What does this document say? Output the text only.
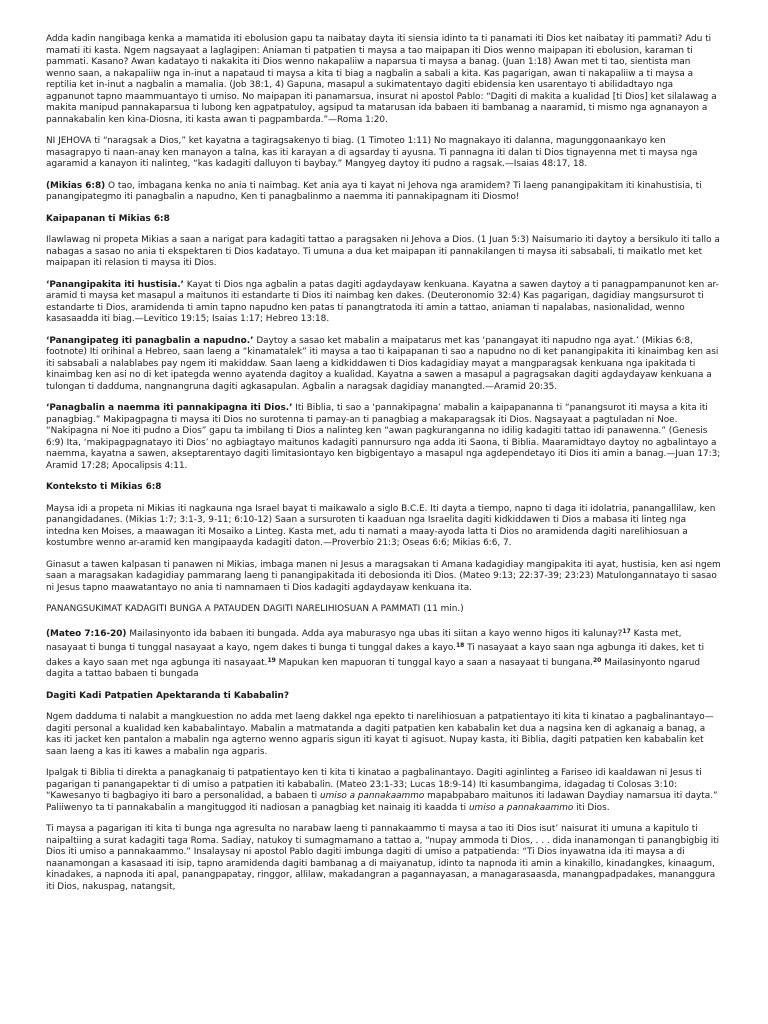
Adda kadin nangibaga kenka a mamatida iti ebolusion gapu ta naibatay dayta iti siensia idinto ta ti panamati iti Dios ket naibatay iti pammati? Adu ti mamati iti kasta. Ngem nagsayaat a laglagipen: Aniaman ti patpatien ti maysa a tao maipapan iti Dios wenno maipapan iti ebolusion, karaman ti pammati. Kasano? Awan kadatayo ti nakakita iti Dios wenno nakapaliiw a naparsua ti maysa a banag. (Juan 1:18) Awan met ti tao, sientista man wenno saan, a nakapaliiw nga in-inut a napataud ti maysa a kita ti biag a nagbalin a sabali a kita. Kas pagarigan, awan ti nakapaliiw a ti maysa a reptilia ket in-inut a nagbalin a mamalia. (Job 38:1, 4) Gapuna, masapul a sukimatentayo dagiti ebidensia ken usarentayo ti abilidadtayo nga agpanunot tapno maammuantayo ti umiso. No maipapan iti panamarsua, insurat ni apostol Pablo: “Dagiti di makita a kualidad [ti Dios] ket silalawag a makita manipud pannakaparsua ti lubong ken agpatpatuloy, agsipud ta matarusan ida babaen iti bambanag a naaramid, ti mismo nga agnanayon a pannakabalin ken kina-Diosna, iti kasta awan ti pagpambarda.”—Roma 1:20.

NI JEHOVA ti “naragsak a Dios,” ket kayatna a tagiragsakenyo ti biag. (1 Timoteo 1:11) No magnakayo iti dalanna, magunggonaankayo ken masagrapyo ti naan-anay ken manayon a talna, kas iti karayan a di agsarday ti ayusna. Ti pannagna iti dalan ti Dios tignayenna met ti maysa nga agaramid a kanayon iti nalinteg, “kas kadagiti dalluyon ti baybay.” Mangyeg daytoy iti pudno a ragsak.—Isaias 48:17, 18.

(Mikias 6:8) O tao, imbagana kenka no ania ti naimbag. Ket ania aya ti kayat ni Jehova nga aramidem? Ti laeng panangipakitam iti kinahustisia, ti panangipategmo iti panagbalin a napudno, Ken ti panagbalinmo a naemma iti pannakipagnam iti Diosmo!

Kaipapanan ti Mikias 6:8

Ilawlawag ni propeta Mikias a saan a narigat para kadagiti tattao a paragsaken ni Jehova a Dios. (1 Juan 5:3) Naisumario iti daytoy a bersikulo iti tallo a nabagas a sasao no ania ti ekspektaren ti Dios kadatayo. Ti umuna a dua ket maipapan iti pannakilangen ti maysa iti sabsabali, ti maikatlo met ket maipapan iti relasion ti maysa iti Dios.

‘Panangipakita iti hustisia.’ Kayat ti Dios nga agbalin a patas dagiti agdaydayaw kenkuana. Kayatna a sawen daytoy a ti panagpampanunot ken ar-aramid ti maysa ket masapul a maitunos iti estandarte ti Dios iti naimbag ken dakes. (Deuteronomio 32:4) Kas pagarigan, dagidiay mangsursurot ti estandarte ti Dios, aramidenda ti amin tapno napudno ken patas ti panangtratoda iti amin a tattao, aniaman ti napalabas, nasionalidad, wenno kasasaadda iti biag.—Levitico 19:15; Isaias 1:17; Hebreo 13:18.

‘Panangipateg iti panagbalin a napudno.’ Daytoy a sasao ket mabalin a maipatarus met kas ‘panangayat iti napudno nga ayat.’ (Mikias 6:8, footnote) Iti orihinal a Hebreo, saan laeng a “kinamatalek” iti maysa a tao ti kaipapanan ti sao a napudno no di ket panangipakita iti kinaimbag ken asi iti sabsabali a nalablabes pay ngem iti makiddaw. Saan laeng a kidkiddawen ti Dios kadagidiay mayat a mangparagsak kenkuana nga ipakitada ti kinaimbag ken asi no di ket ipategda wenno ayatenda dagitoy a kualidad. Kayatna a sawen a masapul a pagragsakan dagiti agdaydayaw kenkuana a tulongan ti dadduma, nangnangruna dagiti agkasapulan. Agbalin a naragsak dagidiay manangted.—Aramid 20:35.

‘Panagbalin a naemma iti pannakipagna iti Dios.’ Iti Biblia, ti sao a ‘pannakipagna’ mabalin a kaipapananna ti “panangsurot iti maysa a kita iti panagbiag.” Makipagpagna ti maysa iti Dios no surotenna ti pamay-an ti panagbiag a makaparagsak iti Dios. Nagsayaat a pagtuladan ni Noe. “Nakipagna ni Noe iti pudno a Dios” gapu ta imbilang ti Dios a nalinteg ken “awan pagkuranganna no idilig kadagiti tattao idi panawenna.” (Genesis 6:9) Ita, ‘makipagpagnatayo iti Dios’ no agbiagtayo maitunos kadagiti pannursuro nga adda iti Saona, ti Biblia. Maaramidtayo daytoy no agbalintayo a naemma, kayatna a sawen, akseptarentayo dagiti limitasiontayo ken bigbigentayo a masapul nga agdependetayo iti Dios iti amin a banag.—Juan 17:3; Aramid 17:28; Apocalipsis 4:11.

Konteksto ti Mikias 6:8

Maysa idi a propeta ni Mikias iti nagkauna nga Israel bayat ti maikawalo a siglo B.C.E. Iti dayta a tiempo, napno ti daga iti idolatria, panangallilaw, ken panangidadanes. (Mikias 1:7; 3:1-3, 9-11; 6:10-12) Saan a sursuroten ti kaaduan nga Israelita dagiti kidkiddawen ti Dios a mabasa iti linteg nga intedna ken Moises, a maawagan iti Mosaiko a Linteg. Kasta met, adu ti namati a maay-ayoda latta ti Dios no aramidenda dagiti narelihiosuan a kostumbre wenno ar-aramid ken mangipaayda kadagiti daton.—Proverbio 21:3; Oseas 6:6; Mikias 6:6, 7.

Ginasut a tawen kalpasan ti panawen ni Mikias, imbaga manen ni Jesus a maragsakan ti Amana kadagidiay mangipakita iti ayat, hustisia, ken asi ngem saan a maragsakan kadagidiay pammarang laeng ti panangipakitada iti debosionda iti Dios. (Mateo 9:13; 22:37-39; 23:23) Matulongannatayo ti sasao ni Jesus tapno maawatantayo no ania ti namnamaen ti Dios kadagiti agdaydayaw kenkuana ita.

PANANGSUKIMAT KADAGITI BUNGA A PATAUDEN DAGITI NARELIHIOSUAN A PAMMATI (11 min.)

(Mateo 7:16-20) Mailasinyonto ida babaen iti bungada. Adda aya maburasyo nga ubas iti siitan a kayo wenno higos iti kalunay?$^{17}$ Kasta met, nasayaat ti bunga ti tunggal nasayaat a kayo, ngem dakes ti bunga ti tunggal dakes a kayo.$^{18}$ Ti nasayaat a kayo saan nga agbunga iti dakes, ket ti dakes a kayo saan met nga agbunga iti nasayaat.$^{19}$ Mapukan ken mapuoran ti tunggal kayo a saan a nasayaat ti bungana.$^{20}$ Mailasinyonto ngarud dagita a tattao babaen ti bungada

Dagiti Kadi Patpatien Apektaranda ti Kababalin?

Ngem dadduma ti nalabit a mangkuestion no adda met laeng dakkel nga epekto ti narelihiosuan a patpatientayo iti kita ti kinatao a pagbalinantayo—dagiti personal a kualidad ken kababalintayo. Mabalin a matmatanda a dagiti patpatien ken kababalin ket dua a nagsina ken di agkanaig a banag, a kas iti jacket ken pantalon a mabalin nga agterno wenno agparis sigun iti kayat ti agisuot. Nupay kasta, iti Biblia, dagiti patpatien ken kababalin ket saan laeng a kas iti kawes a mabalin nga agparis.

Ipalgak ti Biblia ti direkta a panagkanaig ti patpatientayo ken ti kita ti kinatao a pagbalinantayo. Dagiti aginlinteg a Fariseo idi kaaldawan ni Jesus ti pagarigan ti panangapektar ti di umiso a patpatien iti kababalin. (Mateo 23:1-33; Lucas 18:9-14) Iti kasumbangima, idagadag ti Colosas 3:10: “Kawesanyo ti bagbagiyo iti baro a personalidad, a babaen ti umiso a pannakaammo mapabpabaro maitunos iti ladawan Daydiay namarsua iti dayta.” Paliiwenyo ta ti pannakabalin a mangituggod iti nadiosan a panagbiag ket nainaig iti kaadda ti umiso a pannakaammo iti Dios.

Ti maysa a pagarigan iti kita ti bunga nga agresulta no narabaw laeng ti pannakaammo ti maysa a tao iti Dios isut’ naisurat iti umuna a kapitulo ti naipaltiing a surat kadagiti taga Roma. Sadiay, natukoy ti sumagmamano a tattao a, “nupay ammoda ti Dios, . . . dida inanamongan ti panangbigbig iti Dios iti umiso a pannakaammo.” Insalaysay ni apostol Pablo dagiti imbunga dagiti di umiso a patpatienda: “Ti Dios inyawatna ida iti maysa a di naanamongan a kasasaad iti isip, tapno aramidenda dagiti bambanag a di maiyanatup, idinto ta napnoda iti amin a kinakillo, kinadangkes, kinaagum, kinadakes, a napnoda iti apal, panangpapatay, ringgor, allilaw, makadangran a pagannayasan, a managarasaasda, manangpadpadakes, mananggura iti Dios, nakuspag, natangsit,
